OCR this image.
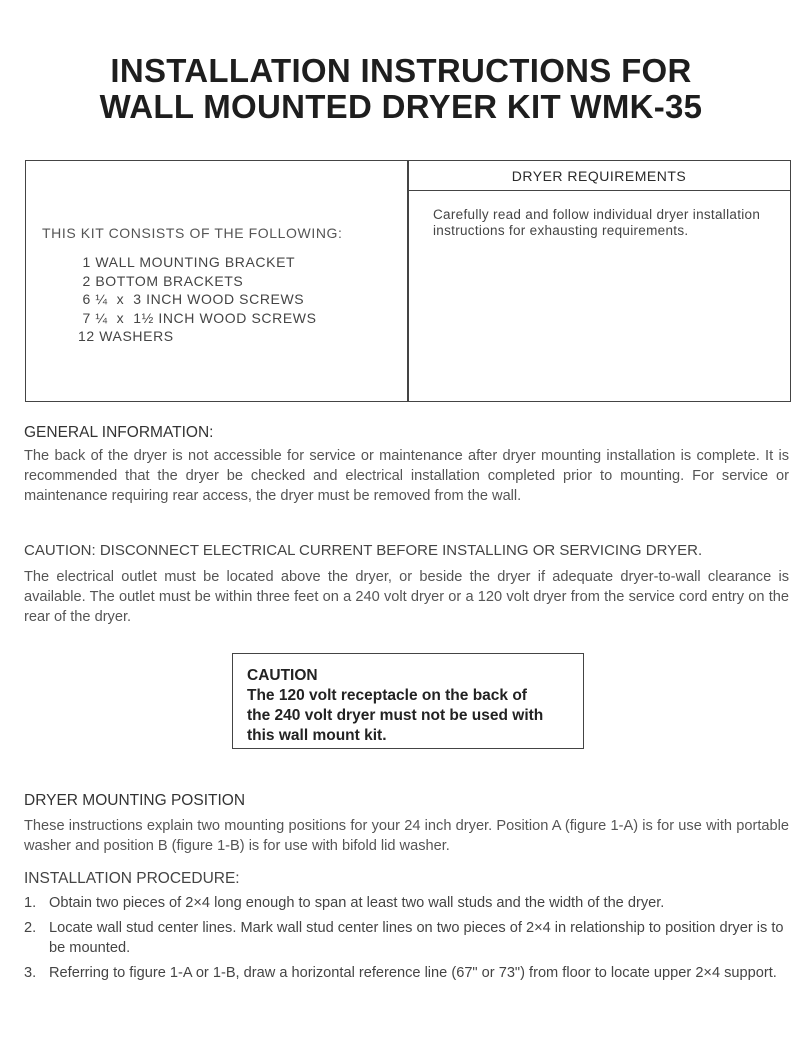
INSTALLATION INSTRUCTIONS FOR
WALL MOUNTED DRYER KIT WMK-35
THIS KIT CONSISTS OF THE FOLLOWING:
1 WALL MOUNTING BRACKET
2 BOTTOM BRACKETS
6 ¼  x  3 INCH WOOD SCREWS
7 ¼  x  1½ INCH WOOD SCREWS
12 WASHERS
DRYER REQUIREMENTS
Carefully read and follow individual dryer installation instructions for exhausting requirements.
GENERAL INFORMATION:
The back of the dryer is not accessible for service or maintenance after dryer mounting installation is complete. It is recommended that the dryer be checked and electrical installation completed prior to mounting. For service or maintenance requiring rear access, the dryer must be removed from the wall.
CAUTION: DISCONNECT ELECTRICAL CURRENT BEFORE INSTALLING OR SERVICING DRYER.
The electrical outlet must be located above the dryer, or beside the dryer if adequate dryer-to-wall clearance is available. The outlet must be within three feet on a 240 volt dryer or a 120 volt dryer from the service cord entry on the rear of the dryer.
CAUTION
The 120 volt receptacle on the back of
the 240 volt dryer must not be used with
this wall mount kit.
DRYER MOUNTING POSITION
These instructions explain two mounting positions for your 24 inch dryer. Position A (figure 1-A) is for use with portable washer and position B (figure 1-B) is for use with bifold lid washer.
INSTALLATION PROCEDURE:
1. Obtain two pieces of 2×4 long enough to span at least two wall studs and the width of the dryer.
2. Locate wall stud center lines. Mark wall stud center lines on two pieces of 2×4 in relationship to position dryer is to be mounted.
3. Referring to figure 1-A or 1-B, draw a horizontal reference line (67" or 73") from floor to locate upper 2×4 support.
